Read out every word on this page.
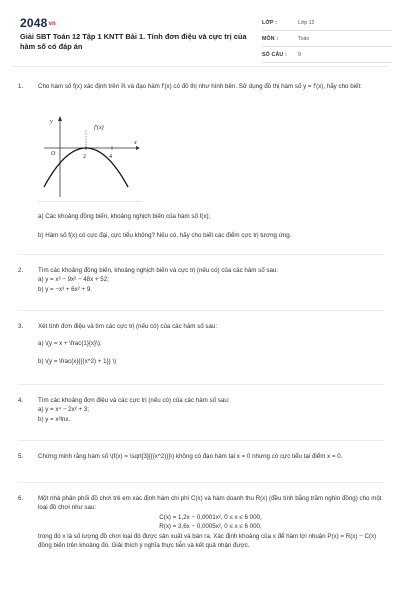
2048vn
Giải SBT Toán 12 Tập 1 KNTT Bài 1. Tính đơn điệu và cực trị của hàm số có đáp án
LỚP :	Lớp 12
MÔN :	Toán
SỐ CÂU : 9
1. Cho hàm số f(x) xác định trên ℝ và đạo hàm f'(x) có đồ thị như hình bên. Sử dụng đồ thị hàm số y = f'(x), hãy cho biết:
y
f'(x)
O
x
2	4
a) Các khoảng đồng biến, khoảng nghịch biến của hàm số f(x);
b) Hàm số f(x) có cực đại, cực tiểu không? Nếu có, hãy cho biết các điểm cực trị tương ứng.
2. Tìm các khoảng đồng biến, khoảng nghịch biến và cực trị (nếu có) của các hàm số sau:
a) y = x³ − 9x² − 48x + 52;
b) y = −x³ + 6x² + 9.
3. Xét tính đơn điệu và tìm các cực trị (nếu có) của các hàm số sau:
a) \(y = x + \frac{1}{x}\);
b) \(y = \frac{x}{{(x^2) + 1}} \)
4. Tìm các khoảng đơn điệu và các cực trị (nếu có) của các hàm số sau:
a) y = x⁴ − 2x² + 3;
b) y = x²lnx.
5. Chứng minh rằng hàm số \(f(x) = \sqrt[3]{{(x^2)}}\) không có đạo hàm tại x = 0 nhưng có cực tiểu tại điểm x = 0.
6. Một nhà phân phối đồ chơi trẻ em xác định hàm chi phí C(x) và hàm doanh thu R(x) (đều tính bằng trăm nghìn đồng) cho một loại đồ chơi như sau:
C(x) = 1,2x − 0,0001x², 0 ≤ x ≤ 6 000,
R(x) = 3,6x − 0,0005x², 0 ≤ x ≤ 6 000,
trong đó x là số lượng đồ chơi loại đó được sản xuất và bán ra. Xác định khoảng của x để hàm lợi nhuận P(x) = R(x) − C(x) đồng biến trên khoảng đó. Giải thích ý nghĩa thực tiễn và kết quả nhận được.
